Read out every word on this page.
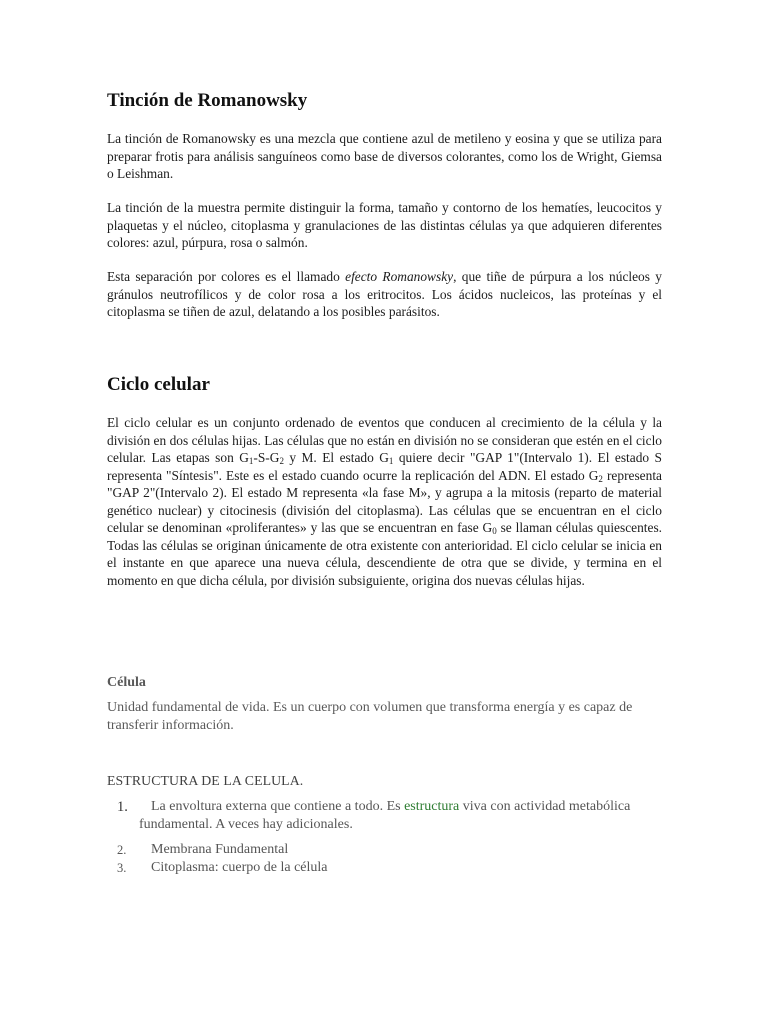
Tinción de Romanowsky

La tinción de Romanowsky es una mezcla que contiene azul de metileno y eosina y que se utiliza para preparar frotis para análisis sanguíneos como base de diversos colorantes, como los de Wright, Giemsa o Leishman.

La tinción de la muestra permite distinguir la forma, tamaño y contorno de los hematíes, leucocitos y plaquetas y el núcleo, citoplasma y granulaciones de las distintas células ya que adquieren diferentes colores: azul, púrpura, rosa o salmón.

Esta separación por colores es el llamado efecto Romanowsky, que tiñe de púrpura a los núcleos y gránulos neutrofílicos y de color rosa a los eritrocitos. Los ácidos nucleicos, las proteínas y el citoplasma se tiñen de azul, delatando a los posibles parásitos.

Ciclo celular

El ciclo celular es un conjunto ordenado de eventos que conducen al crecimiento de la célula y la división en dos células hijas. Las células que no están en división no se consideran que estén en el ciclo celular. Las etapas son $G_1-S-G_2$ y M. El estado $G_1$ quiere decir "GAP 1"(Intervalo 1). El estado S representa "Síntesis". Este es el estado cuando ocurre la replicación del ADN. El estado $G_2$ representa "GAP 2"(Intervalo 2). El estado M representa «la fase M», y agrupa a la mitosis (reparto de material genético nuclear) y citocinesis (división del citoplasma). Las células que se encuentran en el ciclo celular se denominan «proliferantes» y las que se encuentran en fase $G_0$ se llaman células quiescentes. Todas las células se originan únicamente de otra existente con anterioridad. El ciclo celular se inicia en el instante en que aparece una nueva célula, descendiente de otra que se divide, y termina en el momento en que dicha célula, por división subsiguiente, origina dos nuevas células hijas.

Célula

Unidad fundamental de vida. Es un cuerpo con volumen que transforma energía y es capaz de transferir información.

ESTRUCTURA DE LA CELULA.
1.	La envoltura externa que contiene a todo. Es estructura viva con actividad metabólica fundamental. A veces hay adicionales.
2.	Membrana Fundamental
3.	Citoplasma: cuerpo de la célula
